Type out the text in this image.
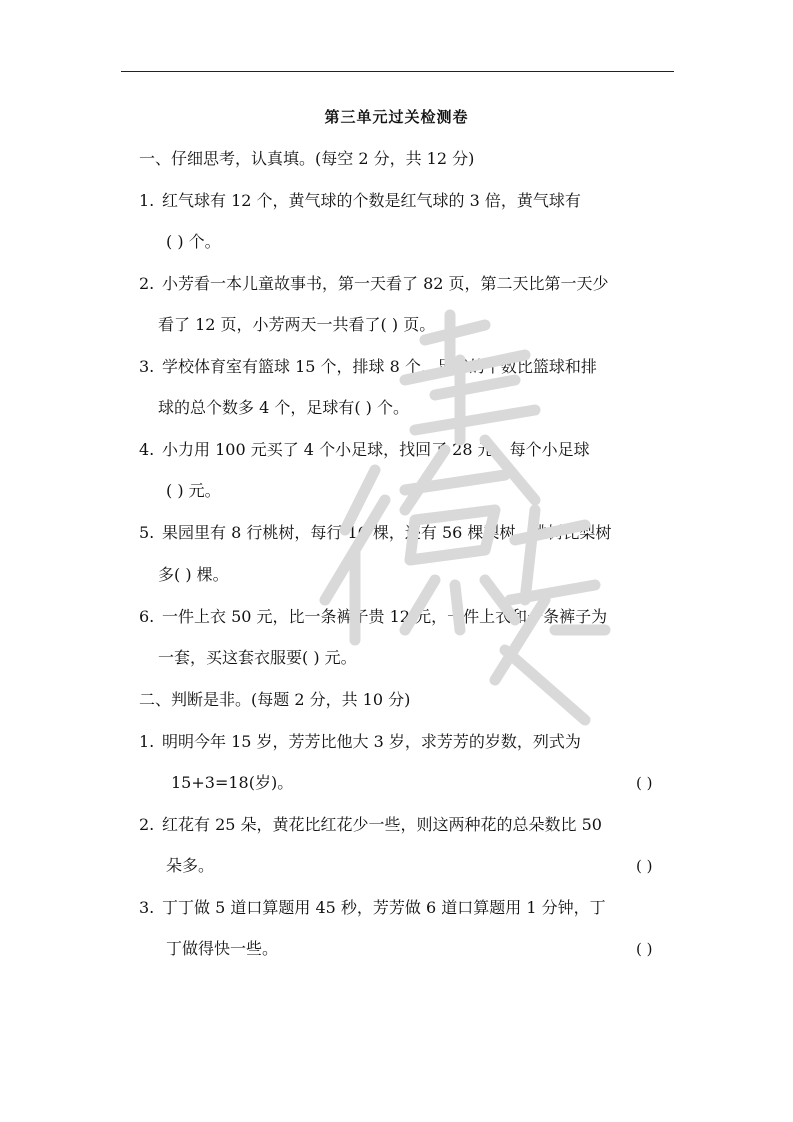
第三单元过关检测卷
一、仔细思考，认真填。(每空 2 分，共 12 分)
1. 红气球有 12 个，黄气球的个数是红气球的 3 倍，黄气球有
( ) 个。
2. 小芳看一本儿童故事书，第一天看了 82 页，第二天比第一天少
看了 12 页，小芳两天一共看了( ) 页。
3. 学校体育室有篮球 15 个，排球 8 个，足球的个数比篮球和排
球的总个数多 4 个，足球有( ) 个。
4. 小力用 100 元买了 4 个小足球，找回了 28 元，每个小足球
( ) 元。
5. 果园里有 8 行桃树，每行 16 棵，还有 56 棵梨树，桃树比梨树
多( ) 棵。
6. 一件上衣 50 元，比一条裤子贵 12 元，一件上衣和一条裤子为
一套，买这套衣服要( ) 元。
二、判断是非。(每题 2 分，共 10 分)
1. 明明今年 15 岁，芳芳比他大 3 岁，求芳芳的岁数，列式为
15+3=18(岁)。	( )
2. 红花有 25 朵，黄花比红花少一些，则这两种花的总朵数比 50
朵多。	( )
3. 丁丁做 5 道口算题用 45 秒，芳芳做 6 道口算题用 1 分钟，丁
丁做得快一些。	( )
